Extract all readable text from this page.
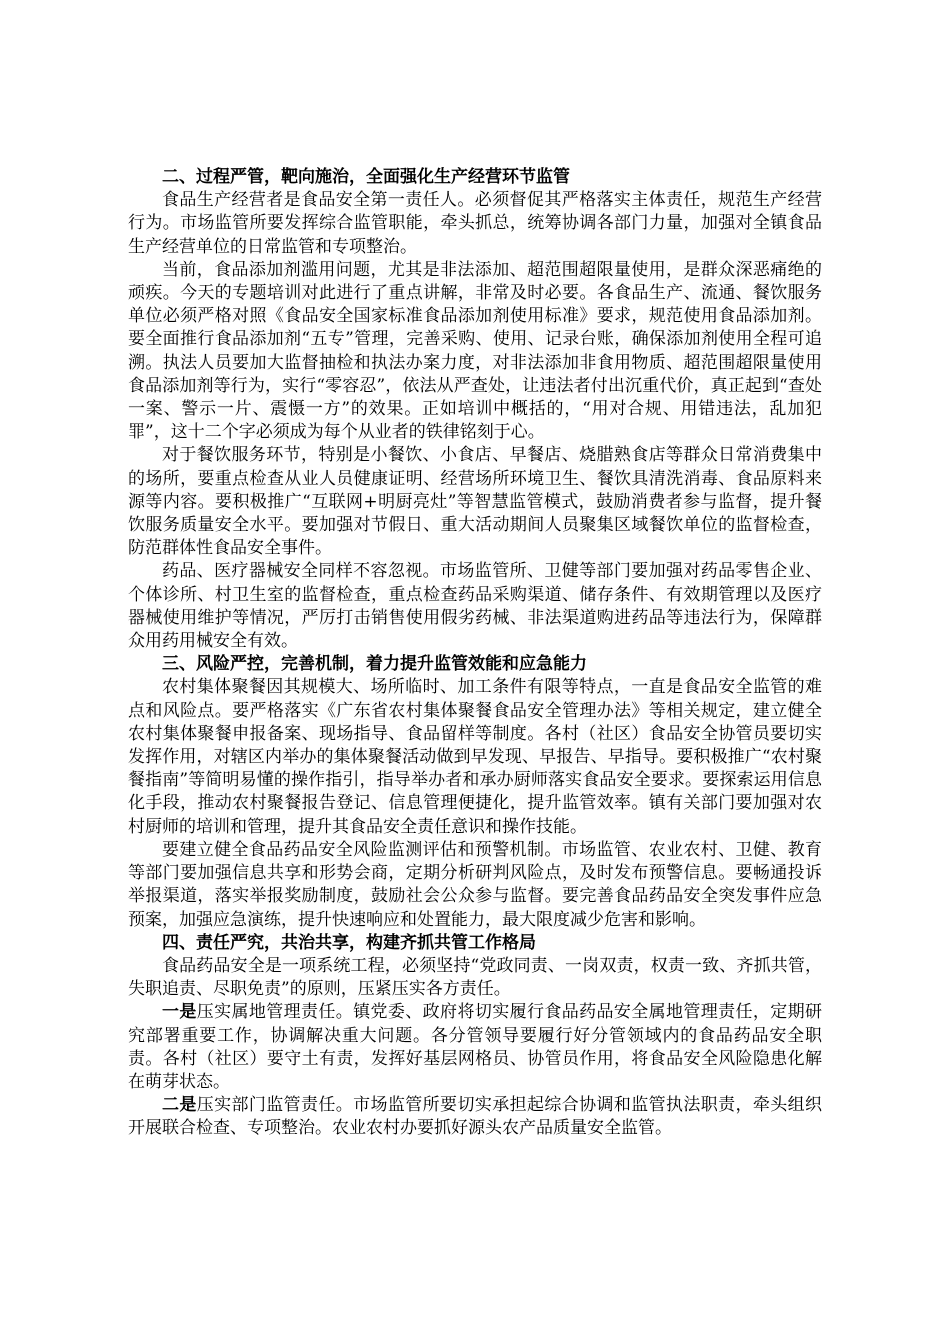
二、过程严管，靶向施治，全面强化生产经营环节监管

食品生产经营者是食品安全第一责任人。必须督促其严格落实主体责任，规范生产经营行为。市场监管所要发挥综合监管职能，牵头抓总，统筹协调各部门力量，加强对全镇食品生产经营单位的日常监管和专项整治。

当前，食品添加剂滥用问题，尤其是非法添加、超范围超限量使用，是群众深恶痛绝的顽疾。今天的专题培训对此进行了重点讲解，非常及时必要。各食品生产、流通、餐饮服务单位必须严格对照《食品安全国家标准食品添加剂使用标准》要求，规范使用食品添加剂。要全面推行食品添加剂“五专”管理，完善采购、使用、记录台账，确保添加剂使用全程可追溯。执法人员要加大监督抽检和执法办案力度，对非法添加非食用物质、超范围超限量使用食品添加剂等行为，实行“零容忍”，依法从严查处，让违法者付出沉重代价，真正起到“查处一案、警示一片、震慑一方”的效果。正如培训中概括的，“用对合规、用错违法，乱加犯罪”，这十二个字必须成为每个从业者的铁律铭刻于心。

对于餐饮服务环节，特别是小餐饮、小食店、早餐店、烧腊熟食店等群众日常消费集中的场所，要重点检查从业人员健康证明、经营场所环境卫生、餐饮具清洗消毒、食品原料来源等内容。要积极推广“互联网+明厨亮灶”等智慧监管模式，鼓励消费者参与监督，提升餐饮服务质量安全水平。要加强对节假日、重大活动期间人员聚集区域餐饮单位的监督检查，防范群体性食品安全事件。

药品、医疗器械安全同样不容忽视。市场监管所、卫健等部门要加强对药品零售企业、个体诊所、村卫生室的监督检查，重点检查药品采购渠道、储存条件、有效期管理以及医疗器械使用维护等情况，严厉打击销售使用假劣药械、非法渠道购进药品等违法行为，保障群众用药用械安全有效。

三、风险严控，完善机制，着力提升监管效能和应急能力

农村集体聚餐因其规模大、场所临时、加工条件有限等特点，一直是食品安全监管的难点和风险点。要严格落实《广东省农村集体聚餐食品安全管理办法》等相关规定，建立健全农村集体聚餐申报备案、现场指导、食品留样等制度。各村（社区）食品安全协管员要切实发挥作用，对辖区内举办的集体聚餐活动做到早发现、早报告、早指导。要积极推广“农村聚餐指南”等简明易懂的操作指引，指导举办者和承办厨师落实食品安全要求。要探索运用信息化手段，推动农村聚餐报告登记、信息管理便捷化，提升监管效率。镇有关部门要加强对农村厨师的培训和管理，提升其食品安全责任意识和操作技能。

要建立健全食品药品安全风险监测评估和预警机制。市场监管、农业农村、卫健、教育等部门要加强信息共享和形势会商，定期分析研判风险点，及时发布预警信息。要畅通投诉举报渠道，落实举报奖励制度，鼓励社会公众参与监督。要完善食品药品安全突发事件应急预案，加强应急演练，提升快速响应和处置能力，最大限度减少危害和影响。

四、责任严究，共治共享，构建齐抓共管工作格局

食品药品安全是一项系统工程，必须坚持“党政同责、一岗双责，权责一致、齐抓共管，失职追责、尽职免责”的原则，压紧压实各方责任。

一是压实属地管理责任。镇党委、政府将切实履行食品药品安全属地管理责任，定期研究部署重要工作，协调解决重大问题。各分管领导要履行好分管领域内的食品药品安全职责。各村（社区）要守土有责，发挥好基层网格员、协管员作用，将食品安全风险隐患化解在萌芽状态。

二是压实部门监管责任。市场监管所要切实承担起综合协调和监管执法职责，牵头组织开展联合检查、专项整治。农业农村办要抓好源头农产品质量安全监管。
